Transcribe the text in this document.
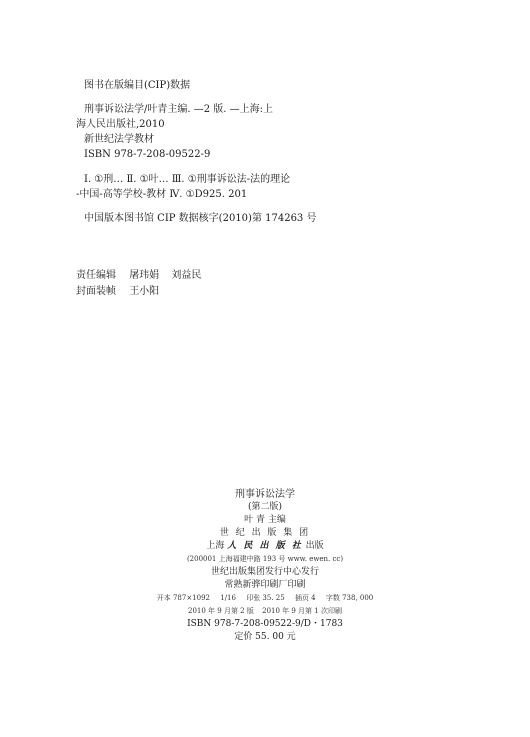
图书在版编目(CIP)数据
刑事诉讼法学/叶青主编. —2 版. —上海:上
海人民出版社,2010
新世纪法学教材
ISBN 978-7-208-09522-9
Ⅰ. ①刑… Ⅱ. ①叶… Ⅲ. ①刑事诉讼法-法的理论
-中国-高等学校-教材 Ⅳ. ①D925. 201
中国版本图书馆 CIP 数据核字(2010)第 174263 号
责任编辑 屠玮娟 刘益民
封面装帧 王小阳
刑事诉讼法学
(第二版)
叶 青 主编
世 纪 出 版 集 团
上海 人 民 出 版 社 出版
(200001 上海福建中路 193 号 www. ewen. cc)
世纪出版集团发行中心发行
常熟新骅印刷厂印刷
开本 787×1092 1/16 印张 35. 25 插页 4 字数 738, 000
2010 年 9 月第 2 版 2010 年 9 月第 1 次印刷
ISBN 978-7-208-09522-9/D・1783
定价 55. 00 元
